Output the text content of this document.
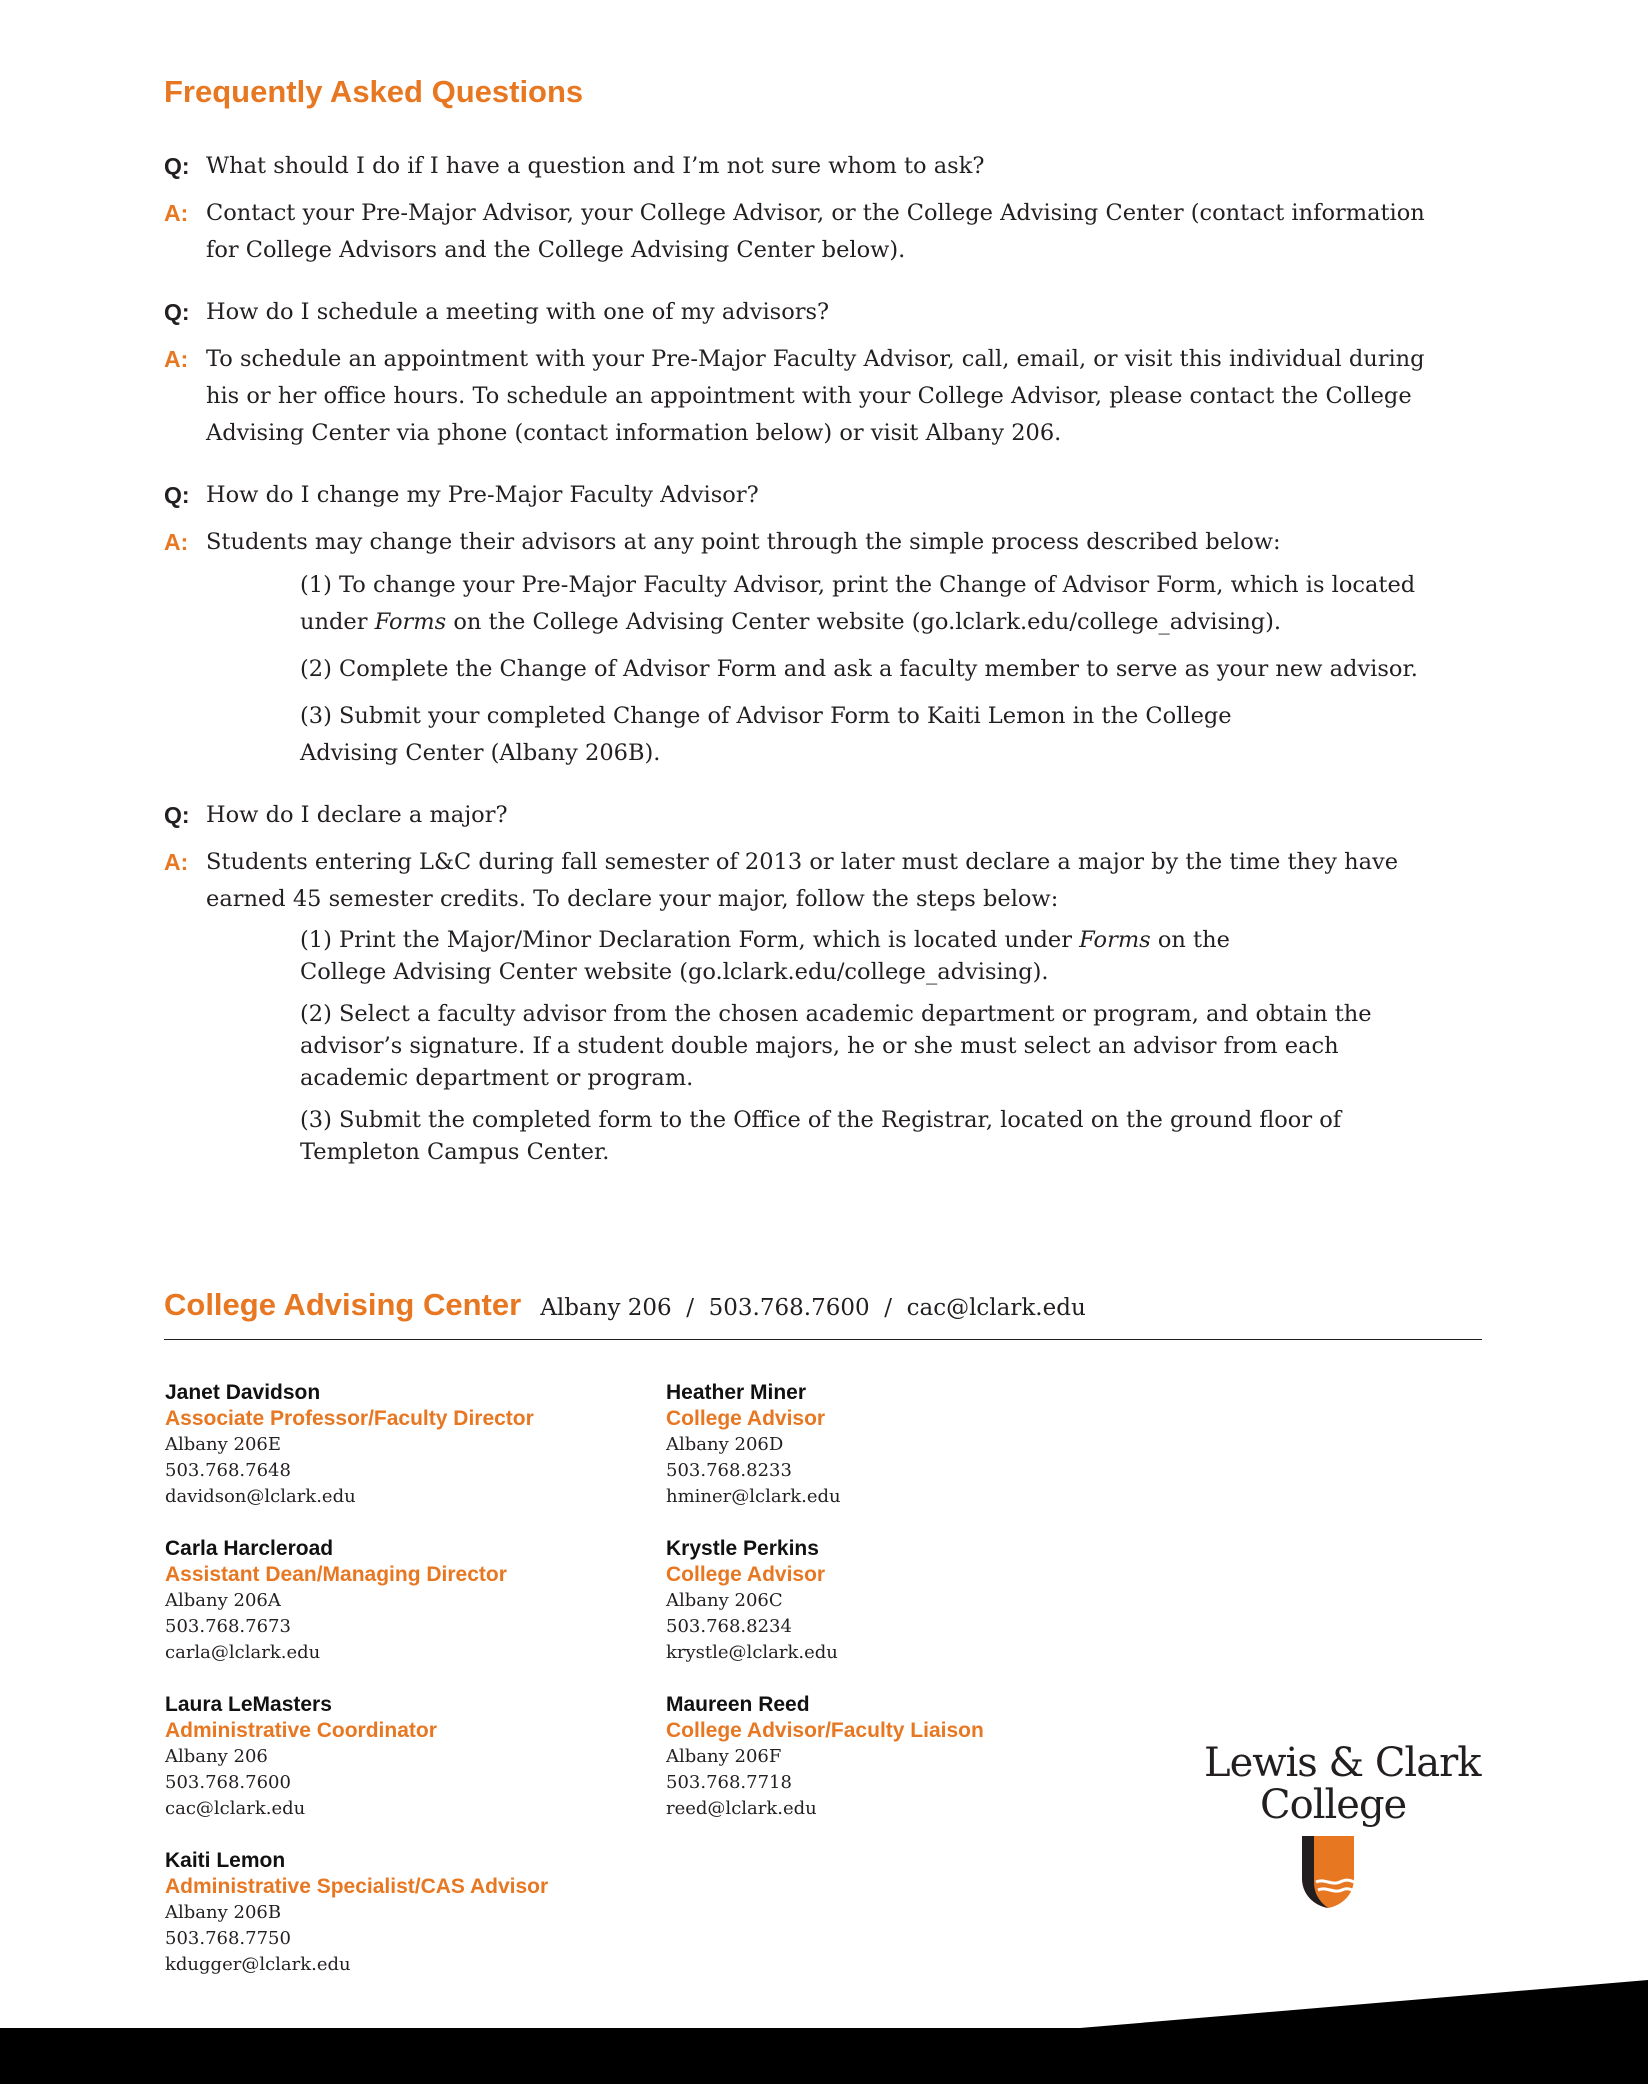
Frequently Asked Questions
Q: What should I do if I have a question and I’m not sure whom to ask?
A: Contact your Pre-Major Advisor, your College Advisor, or the College Advising Center (contact information for College Advisors and the College Advising Center below).
Q: How do I schedule a meeting with one of my advisors?
A: To schedule an appointment with your Pre-Major Faculty Advisor, call, email, or visit this individual during his or her office hours. To schedule an appointment with your College Advisor, please contact the College Advising Center via phone (contact information below) or visit Albany 206.
Q: How do I change my Pre-Major Faculty Advisor?
A: Students may change their advisors at any point through the simple process described below:
(1) To change your Pre-Major Faculty Advisor, print the Change of Advisor Form, which is located under Forms on the College Advising Center website (go.lclark.edu/college_advising).
(2) Complete the Change of Advisor Form and ask a faculty member to serve as your new advisor.
(3) Submit your completed Change of Advisor Form to Kaiti Lemon in the College Advising Center (Albany 206B).
Q: How do I declare a major?
A: Students entering L&C during fall semester of 2013 or later must declare a major by the time they have earned 45 semester credits. To declare your major, follow the steps below:
(1) Print the Major/Minor Declaration Form, which is located under Forms on the College Advising Center website (go.lclark.edu/college_advising).
(2) Select a faculty advisor from the chosen academic department or program, and obtain the advisor’s signature. If a student double majors, he or she must select an advisor from each academic department or program.
(3) Submit the completed form to the Office of the Registrar, located on the ground floor of Templeton Campus Center.
College Advising Center Albany 206  /  503.768.7600  /  cac@lclark.edu
Janet Davidson
Associate Professor/Faculty Director
Albany 206E
503.768.7648
davidson@lclark.edu
Carla Harcleroad
Assistant Dean/Managing Director
Albany 206A
503.768.7673
carla@lclark.edu
Laura LeMasters
Administrative Coordinator
Albany 206
503.768.7600
cac@lclark.edu
Kaiti Lemon
Administrative Specialist/CAS Advisor
Albany 206B
503.768.7750
kdugger@lclark.edu
Heather Miner
College Advisor
Albany 206D
503.768.8233
hminer@lclark.edu
Krystle Perkins
College Advisor
Albany 206C
503.768.8234
krystle@lclark.edu
Maureen Reed
College Advisor/Faculty Liaison
Albany 206F
503.768.7718
reed@lclark.edu
Lewis & Clark
College
